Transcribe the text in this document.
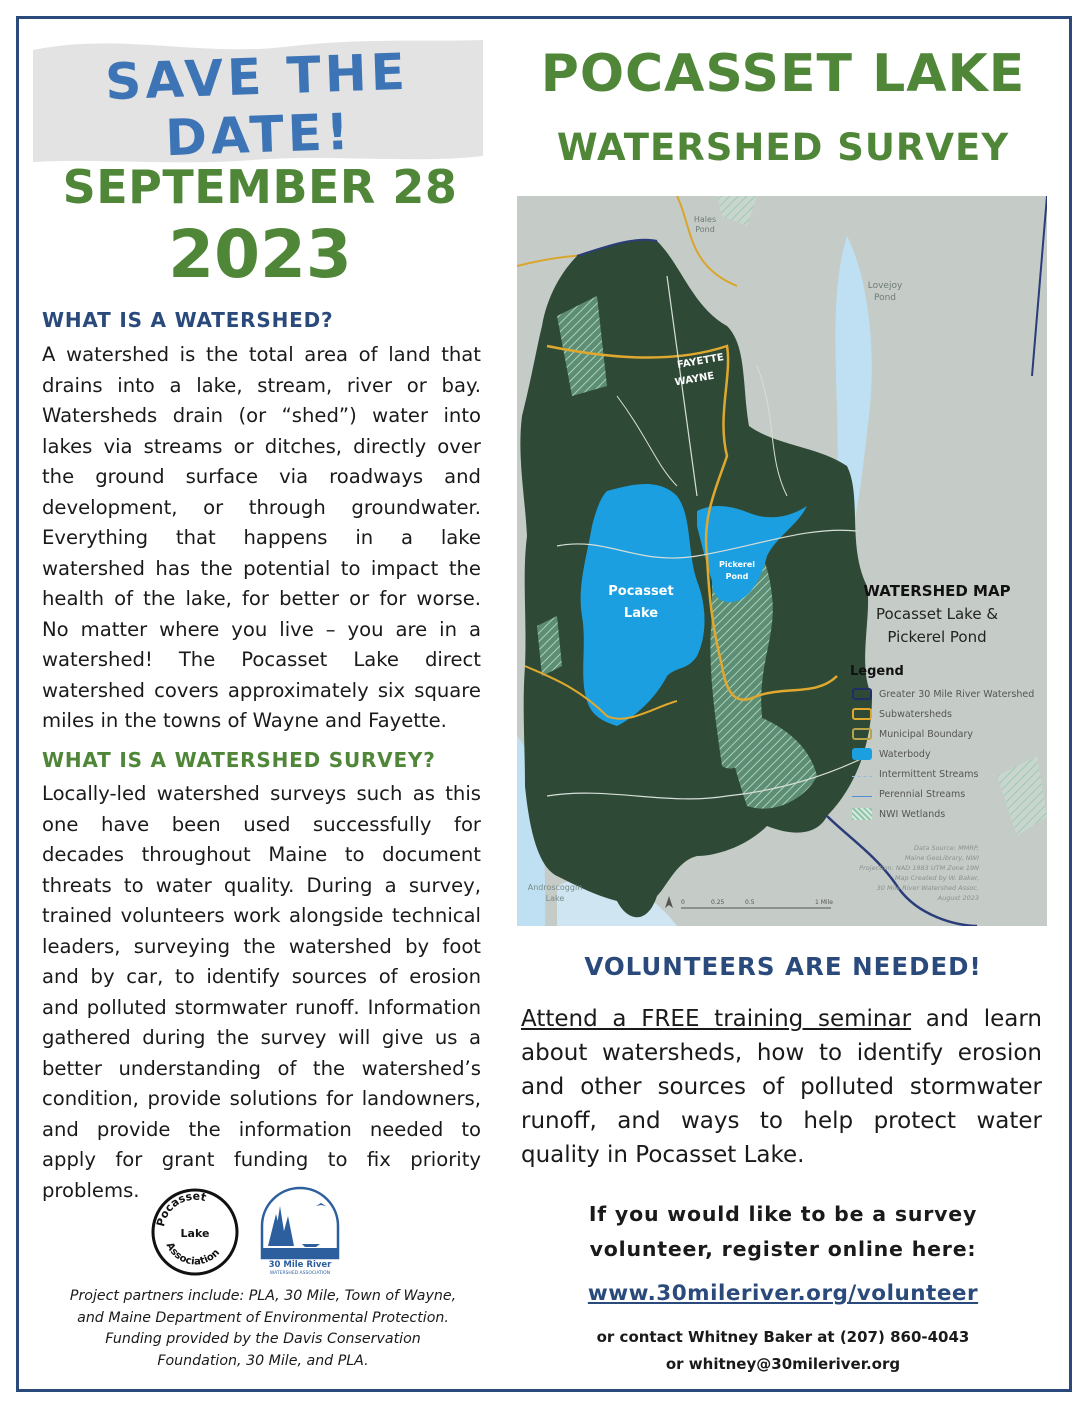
SAVE THE DATE!
SEPTEMBER 28
2023
WHAT IS A WATERSHED?
A watershed is the total area of land that drains into a lake, stream, river or bay. Watersheds drain (or “shed”) water into lakes via streams or ditches, directly over the ground surface via roadways and development, or through groundwater. Everything that happens in a lake watershed has the potential to impact the health of the lake, for better or for worse. No matter where you live – you are in a watershed! The Pocasset Lake direct watershed covers approximately six square miles in the towns of Wayne and Fayette.
WHAT IS A WATERSHED SURVEY?
Locally-led watershed surveys such as this one have been used successfully for decades throughout Maine to document threats to water quality. During a survey, trained volunteers work alongside technical leaders, surveying the watershed by foot and by car, to identify sources of erosion and polluted stormwater runoff. Information gathered during the survey will give us a better understanding of the watershed’s condition, provide solutions for landowners, and provide the information needed to apply for grant funding to fix priority problems.
Pocasset
Lake
Association
30 Mile River
WATERSHED ASSOCIATION
Project partners include: PLA, 30 Mile, Town of Wayne,
and Maine Department of Environmental Protection.
Funding provided by the Davis Conservation
Foundation, 30 Mile, and PLA.
POCASSET LAKE
WATERSHED SURVEY
Hales
Pond
Lovejoy
Pond
FAYETTE
WAYNE
Pocasset
Lake
Pickerel
Pond
Androscoggin
Lake
Data Source: MMRP,
Maine GeoLibrary, NWI
Projection: NAD 1983 UTM Zone 19N
Map Created by W. Baker,
30 Mile River Watershed Assoc.
August 2023
0	0.25	0.5	1 Mile
WATERSHED MAP
Pocasset Lake &
Pickerel Pond
Legend
Greater 30 Mile River Watershed
Subwatersheds
Municipal Boundary
Waterbody
Intermittent Streams
Perennial Streams
NWI Wetlands
VOLUNTEERS ARE NEEDED!
Attend a FREE training seminar and learn about watersheds, how to identify erosion and other sources of polluted stormwater runoff, and ways to help protect water quality in Pocasset Lake.
If you would like to be a survey
volunteer, register online here:
www.30mileriver.org/volunteer
or contact Whitney Baker at (207) 860-4043
or whitney@30mileriver.org
